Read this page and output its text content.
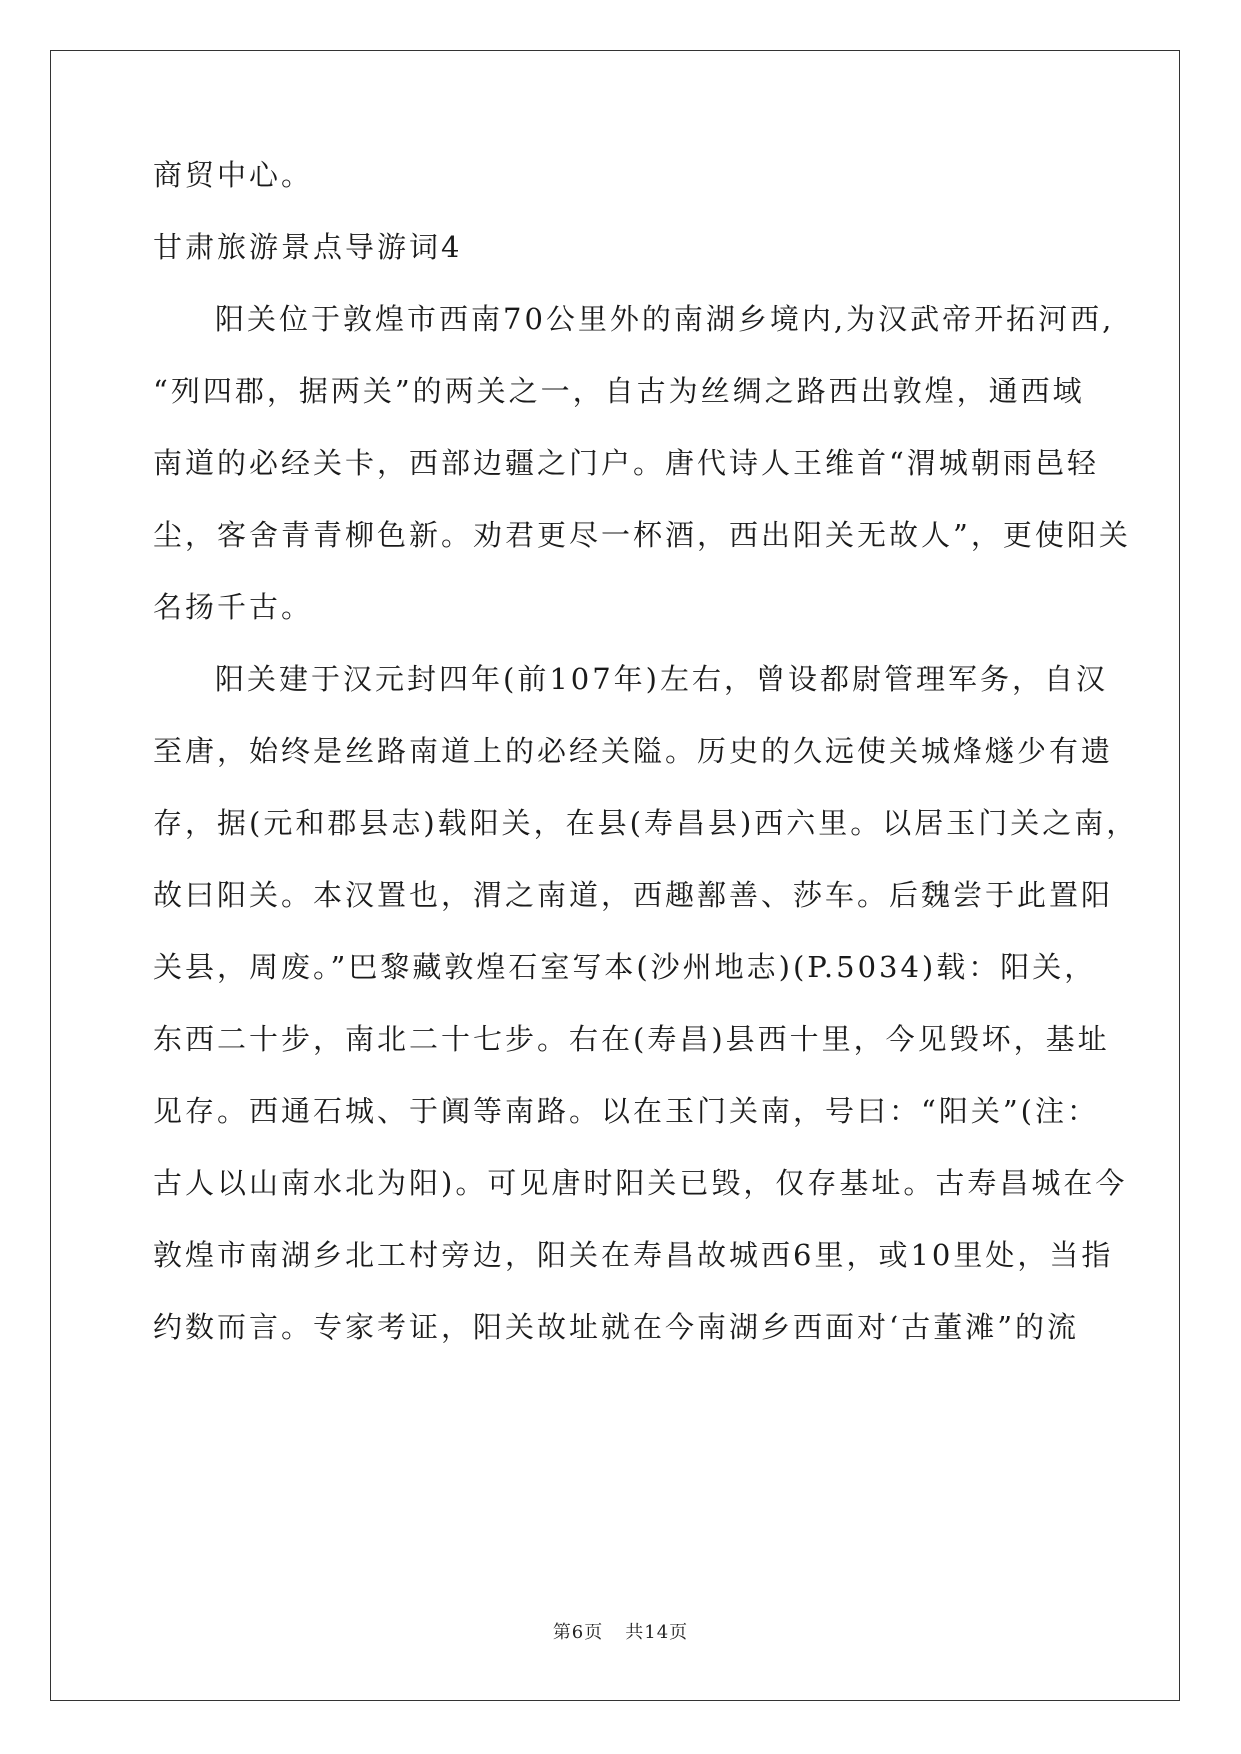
商贸中心。
甘肃旅游景点导游词4
阳关位于敦煌市西南70公里外的南湖乡境内,为汉武帝开拓河西,
“列四郡，据两关”的两关之一，自古为丝绸之路西出敦煌，通西域
南道的必经关卡，西部边疆之门户。唐代诗人王维首“渭城朝雨邑轻
尘，客舍青青柳色新。劝君更尽一杯酒，西出阳关无故人”，更使阳关
名扬千古。
阳关建于汉元封四年(前107年)左右，曾设都尉管理军务，自汉
至唐，始终是丝路南道上的必经关隘。历史的久远使关城烽燧少有遗
存，据(元和郡县志)载阳关，在县(寿昌县)西六里。以居玉门关之南，
故曰阳关。本汉置也，渭之南道，西趣鄯善、莎车。后魏尝于此置阳
关县，周废。”巴黎藏敦煌石室写本(沙州地志)(P.5034)载：阳关，
东西二十步，南北二十七步。右在(寿昌)县西十里，今见毁坏，基址
见存。西通石城、于阗等南路。以在玉门关南，号曰：“阳关”(注：
古人以山南水北为阳)。可见唐时阳关已毁，仅存基址。古寿昌城在今
敦煌市南湖乡北工村旁边，阳关在寿昌故城西6里，或10里处，当指
约数而言。专家考证，阳关故址就在今南湖乡西面对‘古董滩”的流
第6页 共14页
